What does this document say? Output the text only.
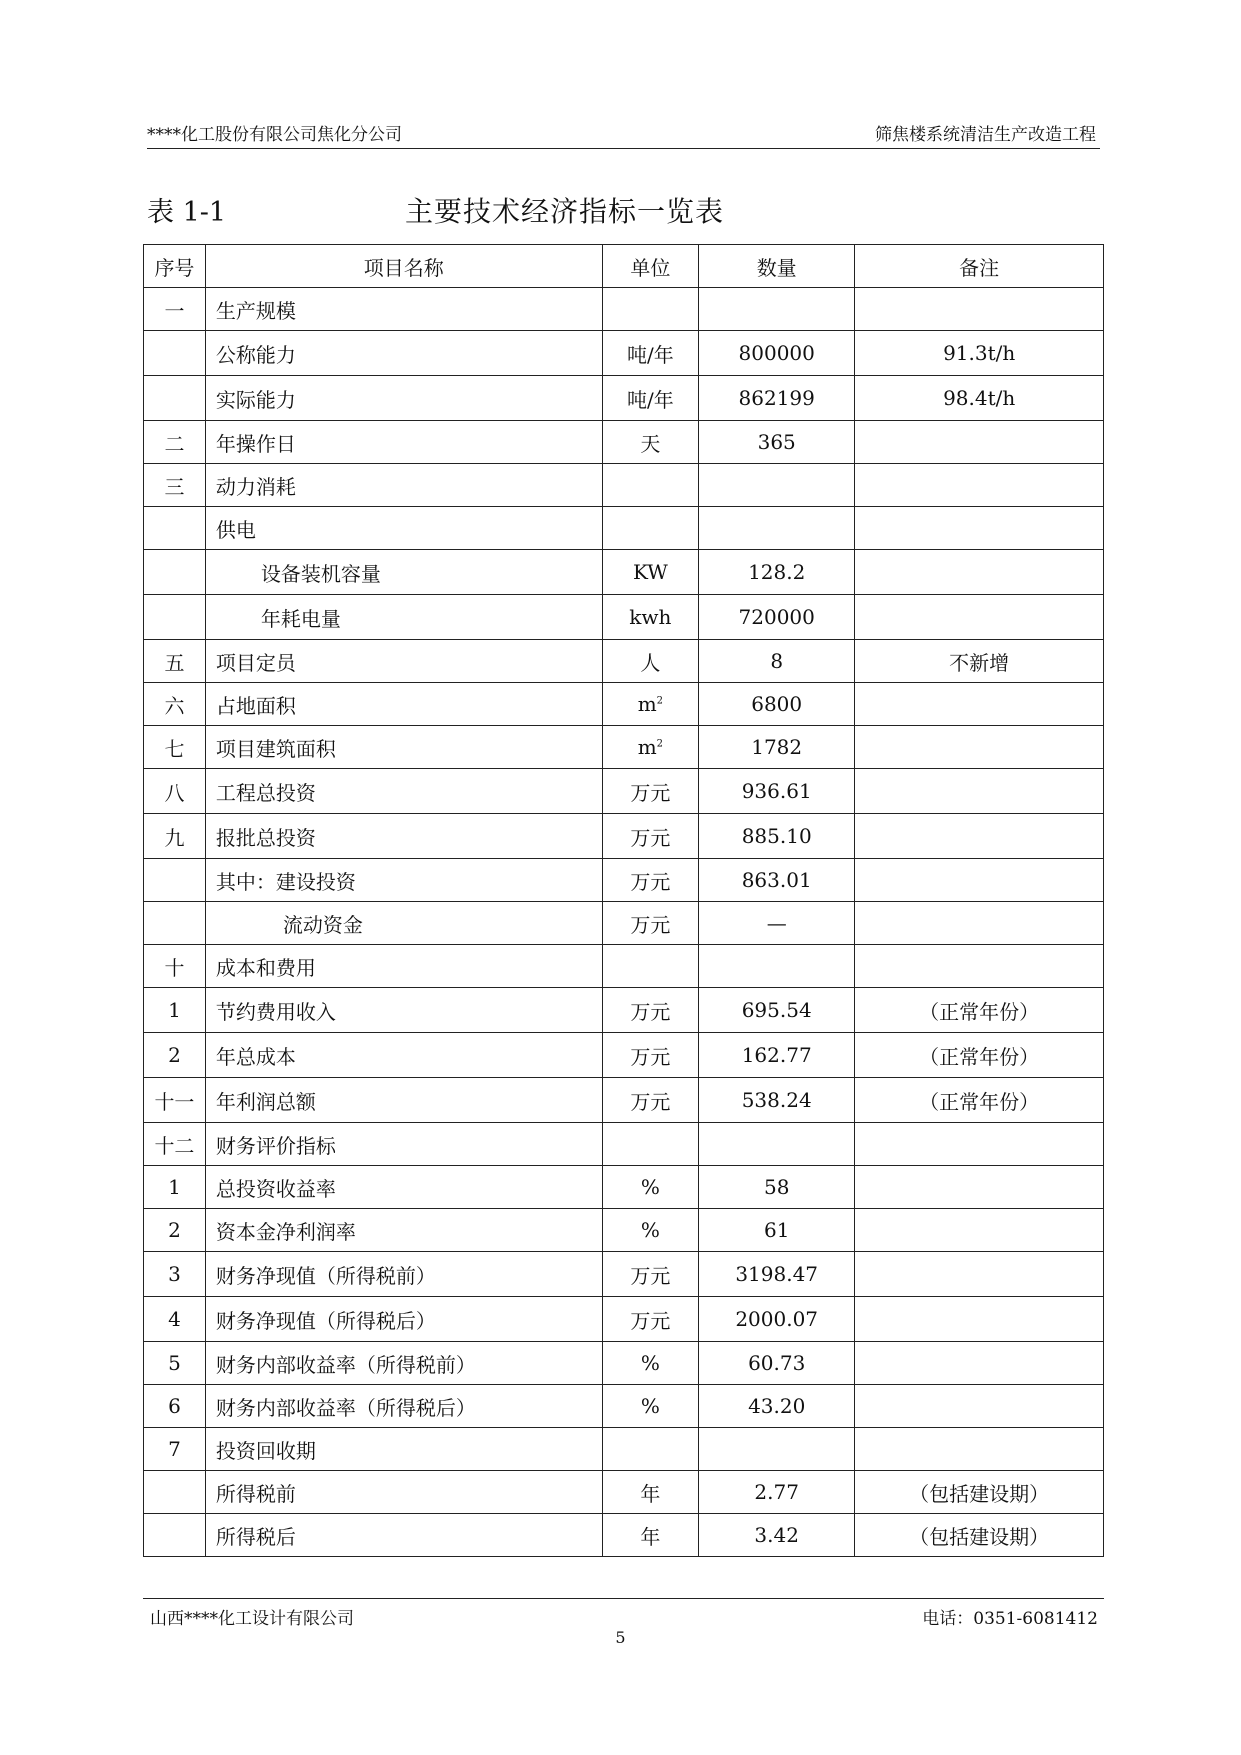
****化工股份有限公司焦化分公司	筛焦楼系统清洁生产改造工程
表 1-1	主要技术经济指标一览表
序号	项目名称	单位	数量	备注
一	生产规模			
	公称能力	吨/年	800000	91.3t/h
	实际能力	吨/年	862199	98.4t/h
二	年操作日	天	365	
三	动力消耗			
	供电			
	设备装机容量	KW	128.2	
	年耗电量	kwh	720000	
五	项目定员	人	8	不新增
六	占地面积	$m^2$	6800	
七	项目建筑面积	$m^2$	1782	
八	工程总投资	万元	936.61	
九	报批总投资	万元	885.10	
	其中：建设投资	万元	863.01	
	流动资金	万元	—	
十	成本和费用			
1	节约费用收入	万元	695.54	（正常年份）
2	年总成本	万元	162.77	（正常年份）
十一	年利润总额	万元	538.24	（正常年份）
十二	财务评价指标			
1	总投资收益率	%	58	
2	资本金净利润率	%	61	
3	财务净现值（所得税前）	万元	3198.47	
4	财务净现值（所得税后）	万元	2000.07	
5	财务内部收益率（所得税前）	%	60.73	
6	财务内部收益率（所得税后）	%	43.20	
7	投资回收期			
	所得税前	年	2.77	（包括建设期）
	所得税后	年	3.42	（包括建设期）
山西****化工设计有限公司	电话：0351-6081412
5
